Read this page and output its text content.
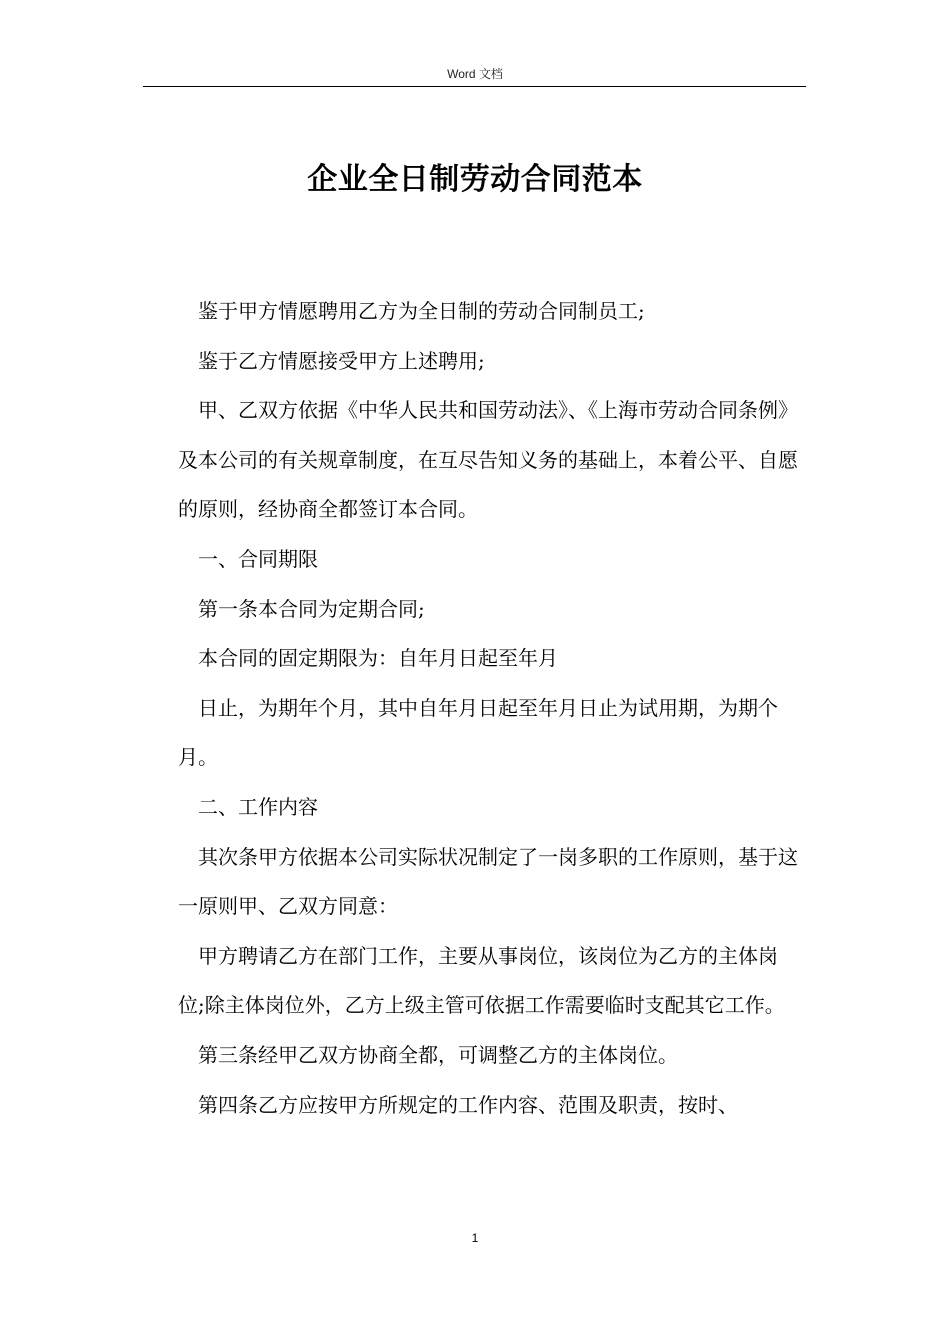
Word 文档
企业全日制劳动合同范本

鉴于甲方情愿聘用乙方为全日制的劳动合同制员工;

鉴于乙方情愿接受甲方上述聘用;

甲、乙双方依据《中华人民共和国劳动法》、《上海市劳动合同条例》及本公司的有关规章制度，在互尽告知义务的基础上，本着公平、自愿的原则，经协商全都签订本合同。

一、合同期限

第一条本合同为定期合同;

本合同的固定期限为：自年月日起至年月

日止，为期年个月，其中自年月日起至年月日止为试用期，为期个月。

二、工作内容

其次条甲方依据本公司实际状况制定了一岗多职的工作原则，基于这一原则甲、乙双方同意：

甲方聘请乙方在部门工作，主要从事岗位，该岗位为乙方的主体岗位;除主体岗位外，乙方上级主管可依据工作需要临时支配其它工作。

第三条经甲乙双方协商全都，可调整乙方的主体岗位。

第四条乙方应按甲方所规定的工作内容、范围及职责，按时、

1
